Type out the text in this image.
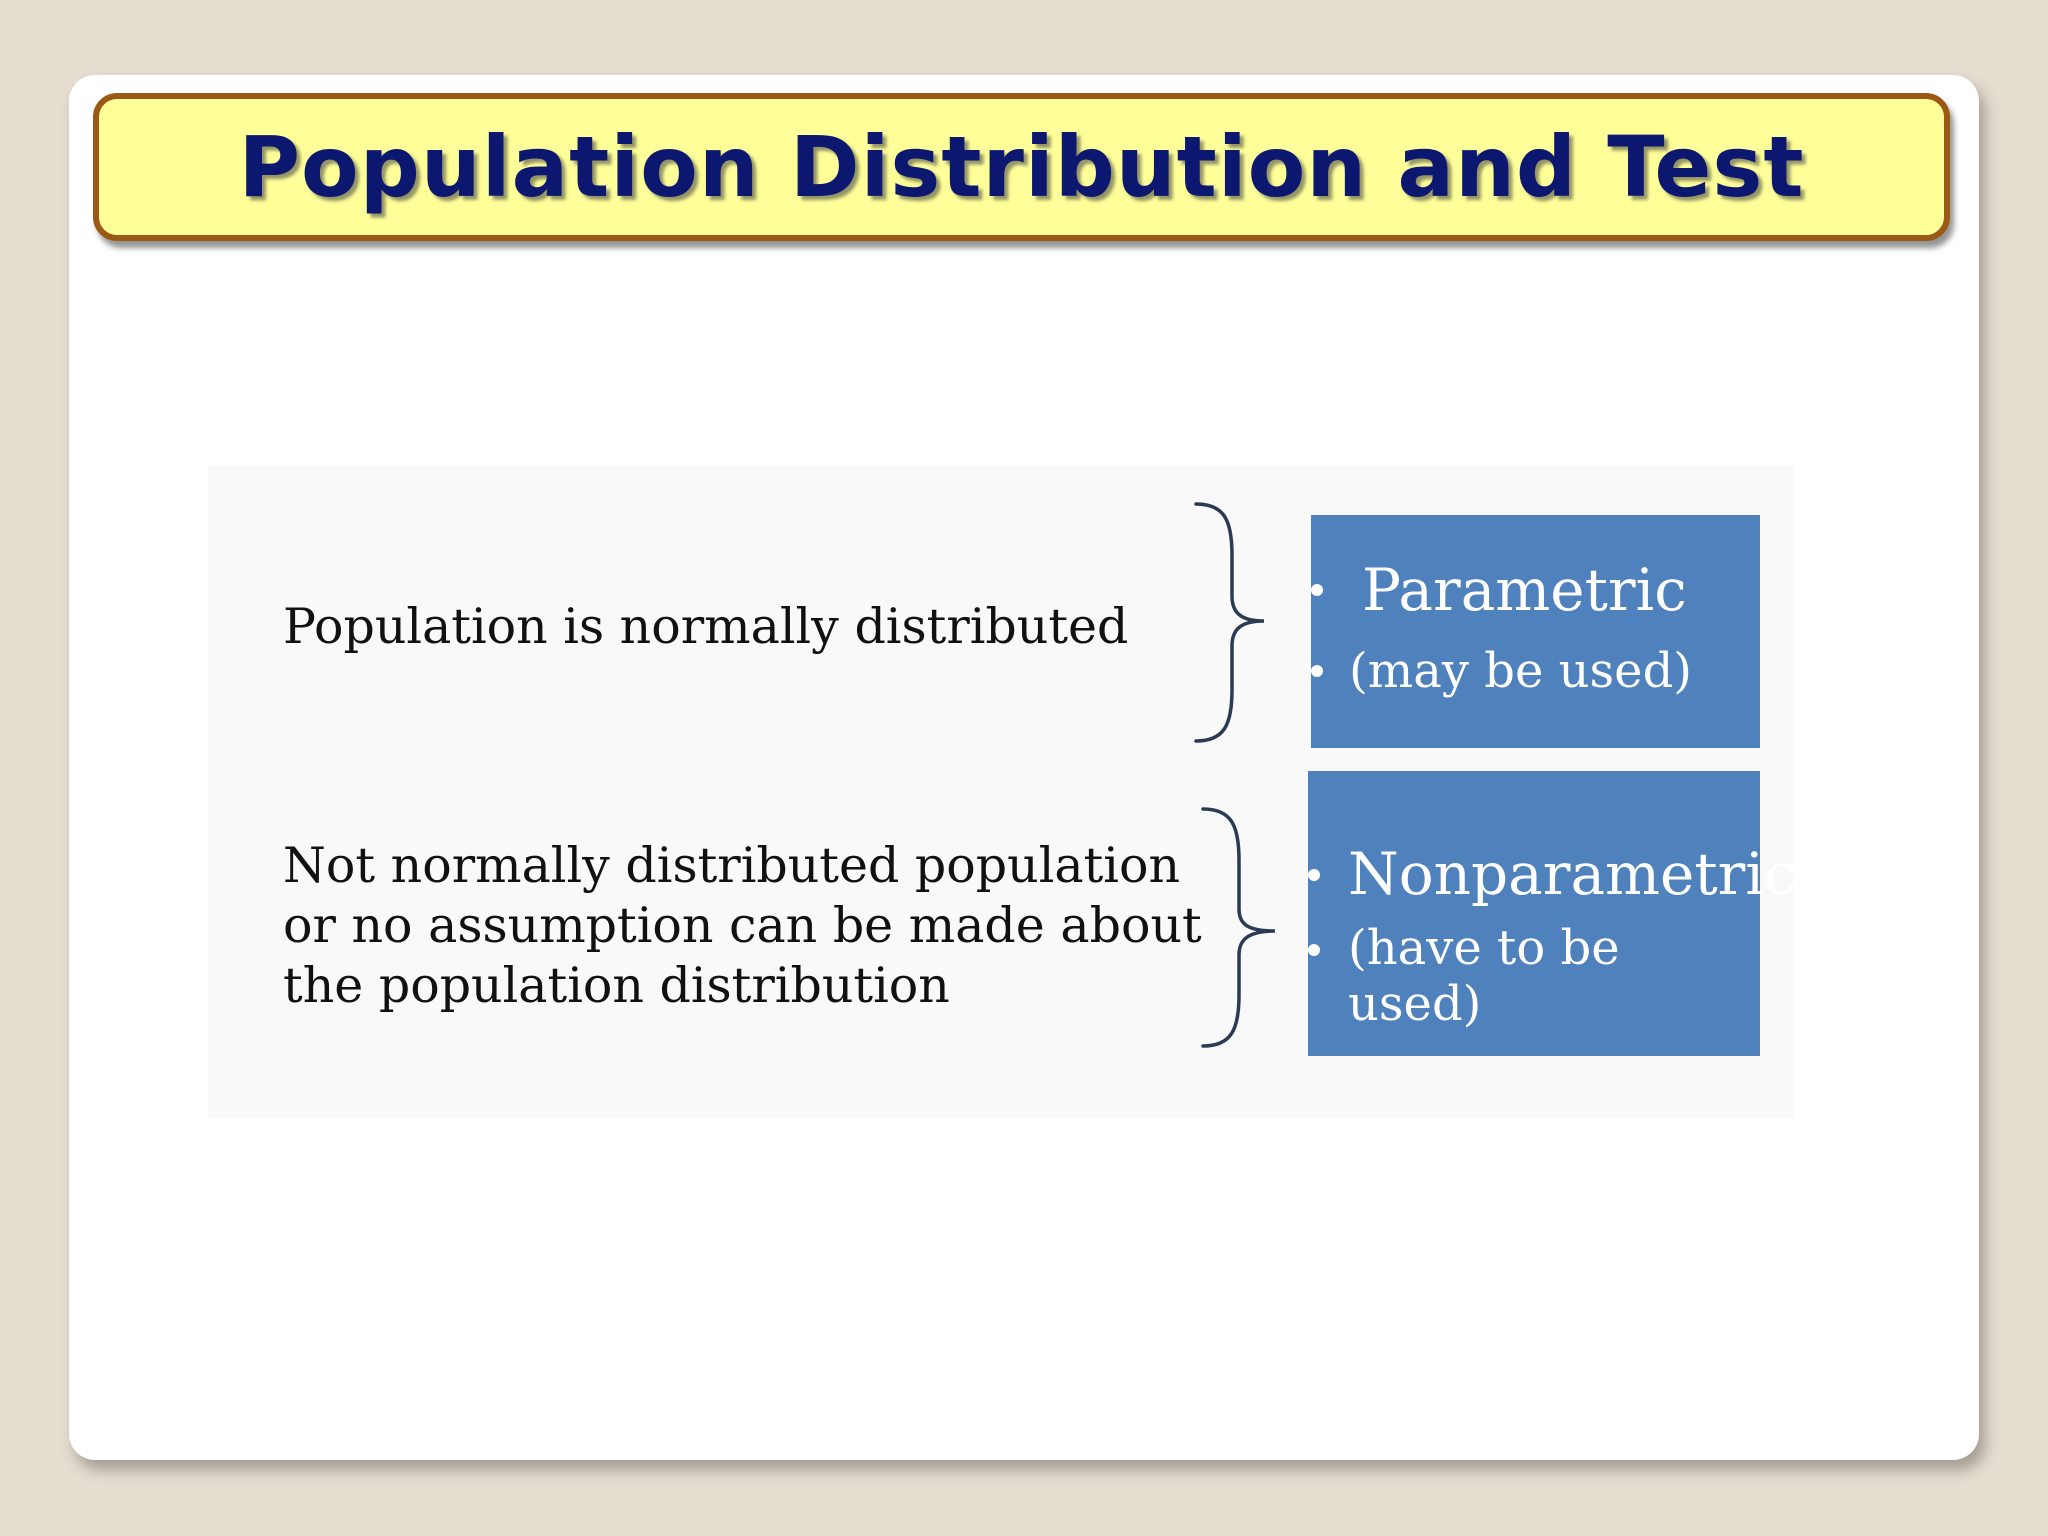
Population Distribution and Test
Population is normally distributed
Parametric
(may be used)
Not normally distributed population
or no assumption can be made about
the population distribution
Nonparametric
(have to be used)
